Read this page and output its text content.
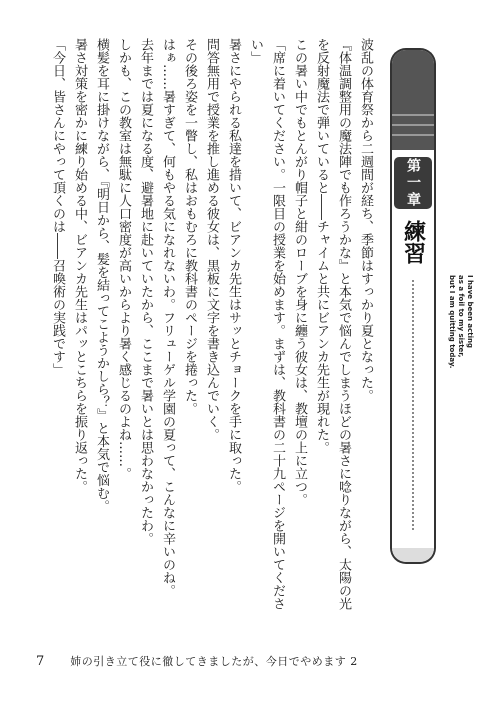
波乱の体育祭から二週間が経ち、季節はすっかり夏となった。

『体温調整用の魔法陣でも作ろうかな』と本気で悩んでしまうほどの暑さに唸りながら、太陽の光を反射魔法で弾いていると――チャイムと共にビアンカ先生が現れた。

この暑い中でもとんがり帽子と紺のローブを身に纏う彼女は、教壇の上に立つ。

「席に着いてください。一限目の授業を始めます。まずは、教科書の二十九ページを開いてください」

暑さにやられる私達を措いて、ビアンカ先生はサッとチョークを手に取った。

問答無用で授業を推し進める彼女は、黒板に文字を書き込んでいく。

その後ろ姿を一瞥し、私はおもむろに教科書のページを捲った。

はぁ……暑すぎて、何もやる気になれないわ。フリューゲル学園の夏って、こんなに辛いのね。

去年までは夏になる度、避暑地に赴いていたから、ここまで暑いとは思わなかったわ。

しかも、この教室は無駄に人口密度が高いからより暑く感じるのよね……。

横髪を耳に掛けながら、『明日から、髪を結ってこようかしら？』と本気で悩む。

暑さ対策を密かに練り始める中、ビアンカ先生はパッとこちらを振り返った。

「今日、皆さんにやって頂くのは――召喚術の実践です」	第一章
練習
I have been acting
as a foil to my sister,
but I am quitting today.
7 姉の引き立て役に徹してきましたが、今日でやめます 2
